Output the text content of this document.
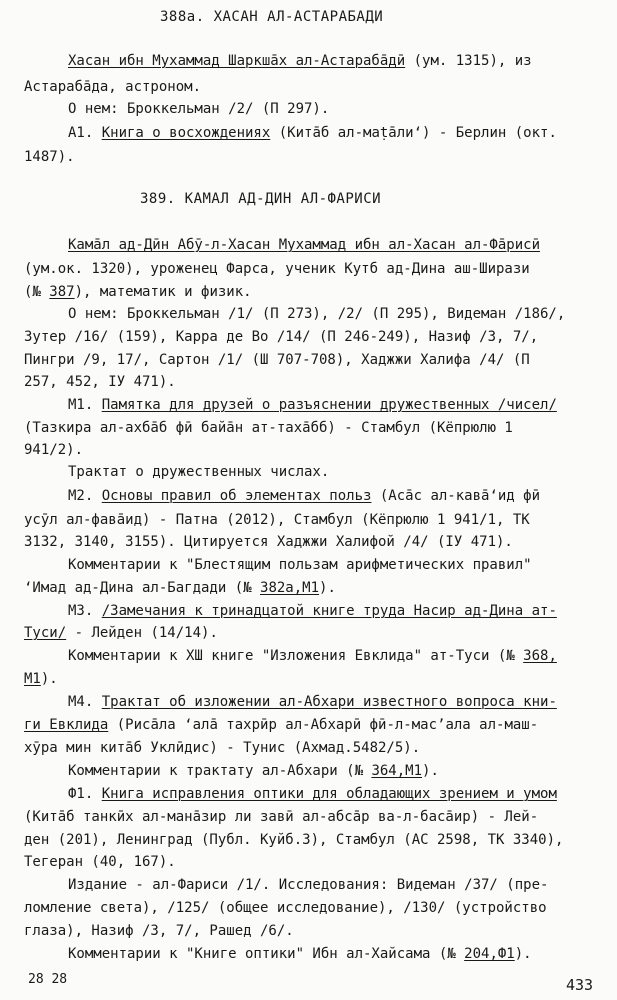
388а. ХАСАН АЛ-АСТАРАБАДИ
Хасан ибн Мухаммад Шаркша̄х ал-Астараба̄дӣ (ум. 1315), из
Астараба̄да, астроном.
О нем: Броккельман /2/ (П 297).
А1. Книга о восхождениях (Кита̄б ал-маṭа̄лиʻ) - Берлин (окт.
1487).
389. КАМАЛ АД-ДИН АЛ-ФАРИСИ
Кама̄л ад-Дӣн Абӯ-л-Хасан Мухаммад ибн ал-Хасан ал-Фа̄рисӣ
(ум.ок. 1320), уроженец Фарса, ученик Кутб ад-Дина аш-Ширази
(№ 387), математик и физик.
О нем: Броккельман /1/ (П 273), /2/ (П 295), Видеман /186/,
Зутер /16/ (159), Карра де Во /14/ (П 246-249), Назиф /3, 7/,
Пингри /9, 17/, Сартон /1/ (Ш 707-708), Хаджжи Халифа /4/ (П
257, 452, IУ 471).
М1. Памятка для друзей о разъяснении дружественных /чисел/
(Тазкира ал-ахба̄б фӣ байа̄н ат-таха̄бб) - Стамбул (Кёпрюлю 1
941/2).
Трактат о дружественных числах.
М2. Основы правил об элементах польз (Аса̄с ал-кава̄ʻид фӣ
усӯл ал-фава̄ид) - Патна (2012), Стамбул (Кёпрюлю 1 941/1, ТК
3132, 3140, 3155). Цитируется Хаджжи Халифой /4/ (IУ 471).
Комментарии к "Блестящим пользам арифметических правил"
ʻИмад ад-Дина ал-Багдади (№ 382а,М1).
М3. /Замечания к тринадцатой книге труда Насир ад-Дина ат-
Туси/ - Лейден (14/14).
Комментарии к XШ книге "Изложения Евклида" ат-Туси (№ 368,
М1).
М4. Трактат об изложении ал-Абхари известного вопроса кни-
ги Евклида (Риса̄ла ʻала̄ тахрӣр ал-Абхарӣ фӣ-л-масʼала ал-маш-
хӯра мин кита̄б Уклӣдис) - Тунис (Ахмад.5482/5).
Комментарии к трактату ал-Абхари (№ 364,М1).
Ф1. Книга исправления оптики для обладающих зрением и умом
(Кита̄б танкӣх ал-мана̄зир ли завӣ ал-абса̄р ва-л-баса̄ир) - Лей-
ден (201), Ленинград (Публ. Куйб.3), Стамбул (АС 2598, ТК 3340),
Тегеран (40, 167).
Издание - ал-Фариси /1/. Исследования: Видеман /37/ (пре-
ломление света), /125/ (общее исследование), /130/ (устройство
глаза), Назиф /3, 7/, Рашед /6/.
Комментарии к "Книге оптики" Ибн ал-Хайсама (№ 204,Ф1).
28 28	433
